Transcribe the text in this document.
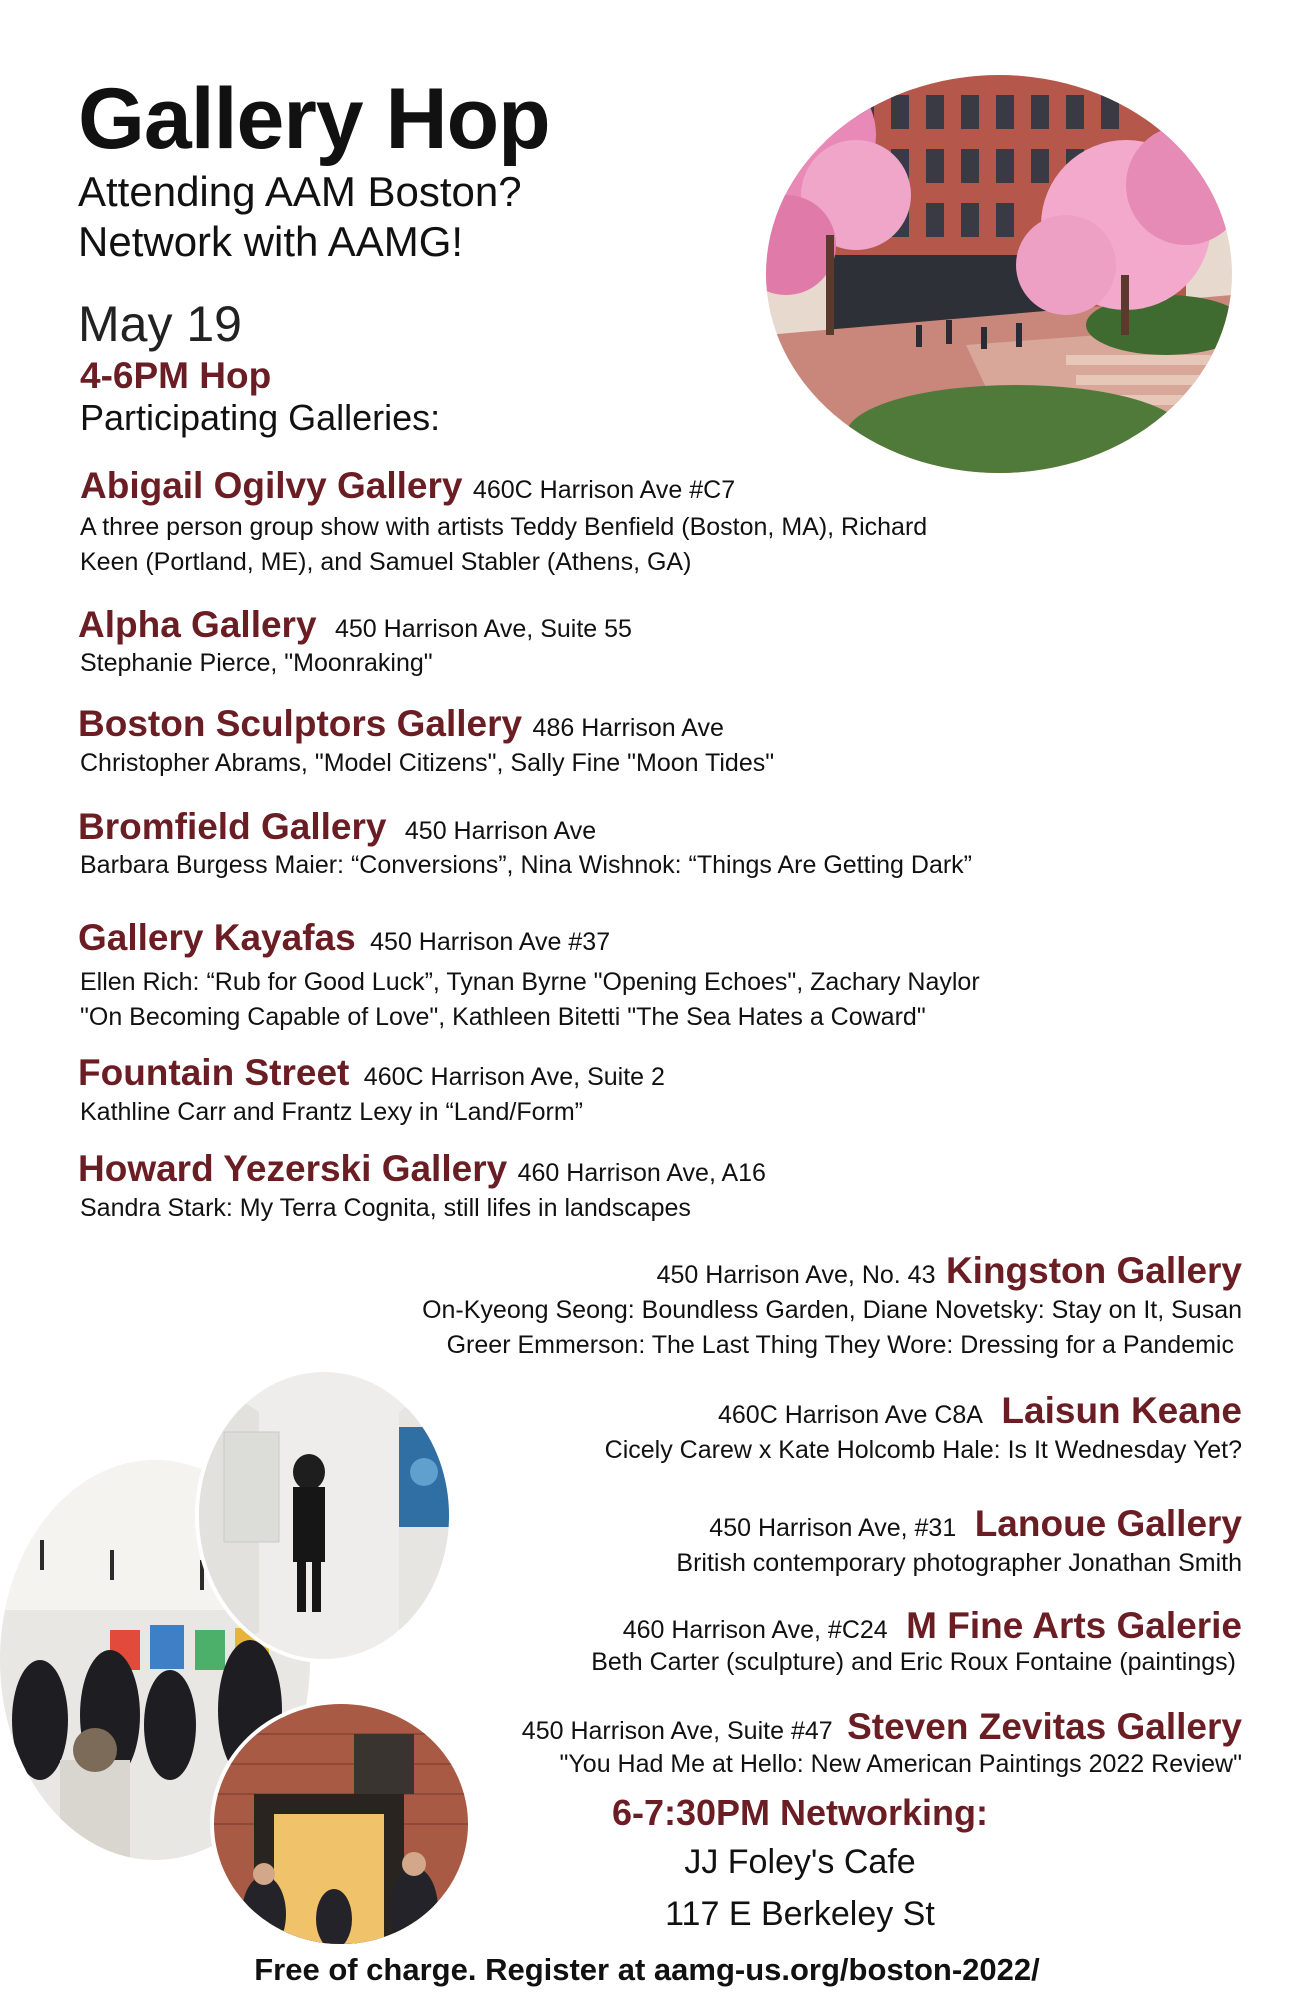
Gallery Hop
Attending AAM Boston?
Network with AAMG!
May 19
4-6PM Hop
Participating Galleries:
Abigail Ogilvy Gallery 460C Harrison Ave #C7
A three person group show with artists Teddy Benfield (Boston, MA), Richard
Keen (Portland, ME), and Samuel Stabler (Athens, GA)
Alpha Gallery 450 Harrison Ave, Suite 55
Stephanie Pierce, "Moonraking"
Boston Sculptors Gallery 486 Harrison Ave
Christopher Abrams, "Model Citizens", Sally Fine "Moon Tides"
Bromfield Gallery 450 Harrison Ave
Barbara Burgess Maier: “Conversions”, Nina Wishnok: “Things Are Getting Dark”
Gallery Kayafas 450 Harrison Ave #37
Ellen Rich: “Rub for Good Luck”, Tynan Byrne "Opening Echoes", Zachary Naylor
"On Becoming Capable of Love", Kathleen Bitetti "The Sea Hates a Coward"
Fountain Street 460C Harrison Ave, Suite 2
Kathline Carr and Frantz Lexy in “Land/Form”
Howard Yezerski Gallery 460 Harrison Ave, A16
Sandra Stark: My Terra Cognita, still lifes in landscapes
450 Harrison Ave, No. 43 Kingston Gallery
On-Kyeong Seong: Boundless Garden, Diane Novetsky: Stay on It, Susan
Greer Emmerson: The Last Thing They Wore: Dressing for a Pandemic
460C Harrison Ave C8A Laisun Keane
Cicely Carew x Kate Holcomb Hale: Is It Wednesday Yet?
450 Harrison Ave, #31 Lanoue Gallery
British contemporary photographer Jonathan Smith
460 Harrison Ave, #C24 M Fine Arts Galerie
Beth Carter (sculpture) and Eric Roux Fontaine (paintings)
450 Harrison Ave, Suite #47 Steven Zevitas Gallery
"You Had Me at Hello: New American Paintings 2022 Review"
6-7:30PM Networking:
JJ Foley's Cafe
117 E Berkeley St
Free of charge. Register at aamg-us.org/boston-2022/
